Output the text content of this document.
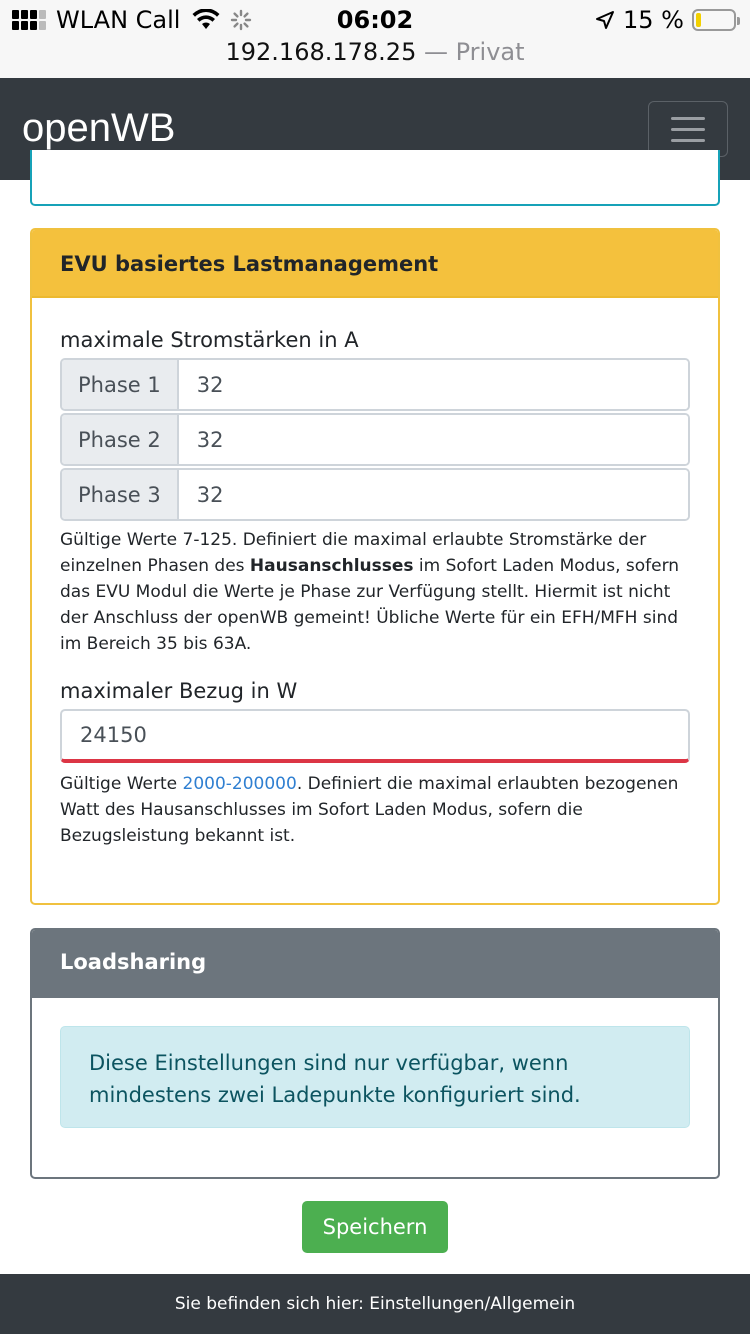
WLAN Call	06:02	15 %
192.168.178.25 — Privat
openWB
EVU basiertes Lastmanagement
maximale Stromstärken in A
Phase 1	32
Phase 2	32
Phase 3	32

Gültige Werte 7-125. Definiert die maximal erlaubte Stromstärke der einzelnen Phasen des Hausanschlusses im Sofort Laden Modus, sofern das EVU Modul die Werte je Phase zur Verfügung stellt. Hiermit ist nicht der Anschluss der openWB gemeint! Übliche Werte für ein EFH/MFH sind im Bereich 35 bis 63A.

maximaler Bezug in W
24150

Gültige Werte 2000-200000. Definiert die maximal erlaubten bezogenen Watt des Hausanschlusses im Sofort Laden Modus, sofern die Bezugsleistung bekannt ist.

Loadsharing
Diese Einstellungen sind nur verfügbar, wenn mindestens zwei Ladepunkte konfiguriert sind.
Speichern
Sie befinden sich hier: Einstellungen/Allgemein
